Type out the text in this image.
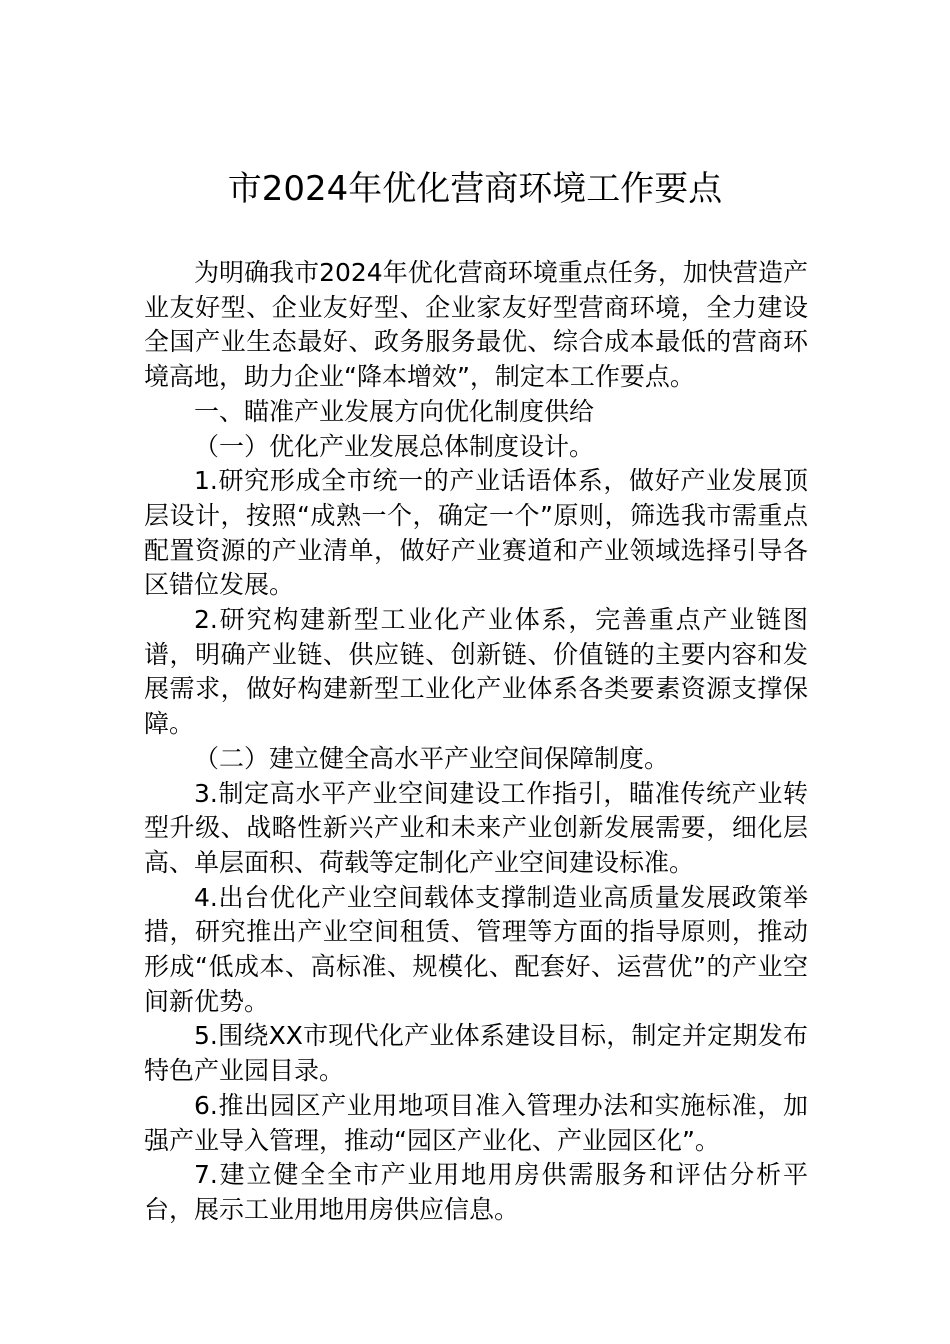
市2024年优化营商环境工作要点

为明确我市2024年优化营商环境重点任务，加快营造产业友好型、企业友好型、企业家友好型营商环境，全力建设全国产业生态最好、政务服务最优、综合成本最低的营商环境高地，助力企业“降本增效”，制定本工作要点。

一、瞄准产业发展方向优化制度供给

（一）优化产业发展总体制度设计。

1.研究形成全市统一的产业话语体系，做好产业发展顶层设计，按照“成熟一个，确定一个”原则，筛选我市需重点配置资源的产业清单，做好产业赛道和产业领域选择引导各区错位发展。

2.研究构建新型工业化产业体系，完善重点产业链图谱，明确产业链、供应链、创新链、价值链的主要内容和发展需求，做好构建新型工业化产业体系各类要素资源支撑保障。

（二）建立健全高水平产业空间保障制度。

3.制定高水平产业空间建设工作指引，瞄准传统产业转型升级、战略性新兴产业和未来产业创新发展需要，细化层高、单层面积、荷载等定制化产业空间建设标准。

4.出台优化产业空间载体支撑制造业高质量发展政策举措，研究推出产业空间租赁、管理等方面的指导原则，推动形成“低成本、高标准、规模化、配套好、运营优”的产业空间新优势。

5.围绕XX市现代化产业体系建设目标，制定并定期发布特色产业园目录。

6.推出园区产业用地项目准入管理办法和实施标准，加强产业导入管理，推动“园区产业化、产业园区化”。

7.建立健全全市产业用地用房供需服务和评估分析平台，展示工业用地用房供应信息。
